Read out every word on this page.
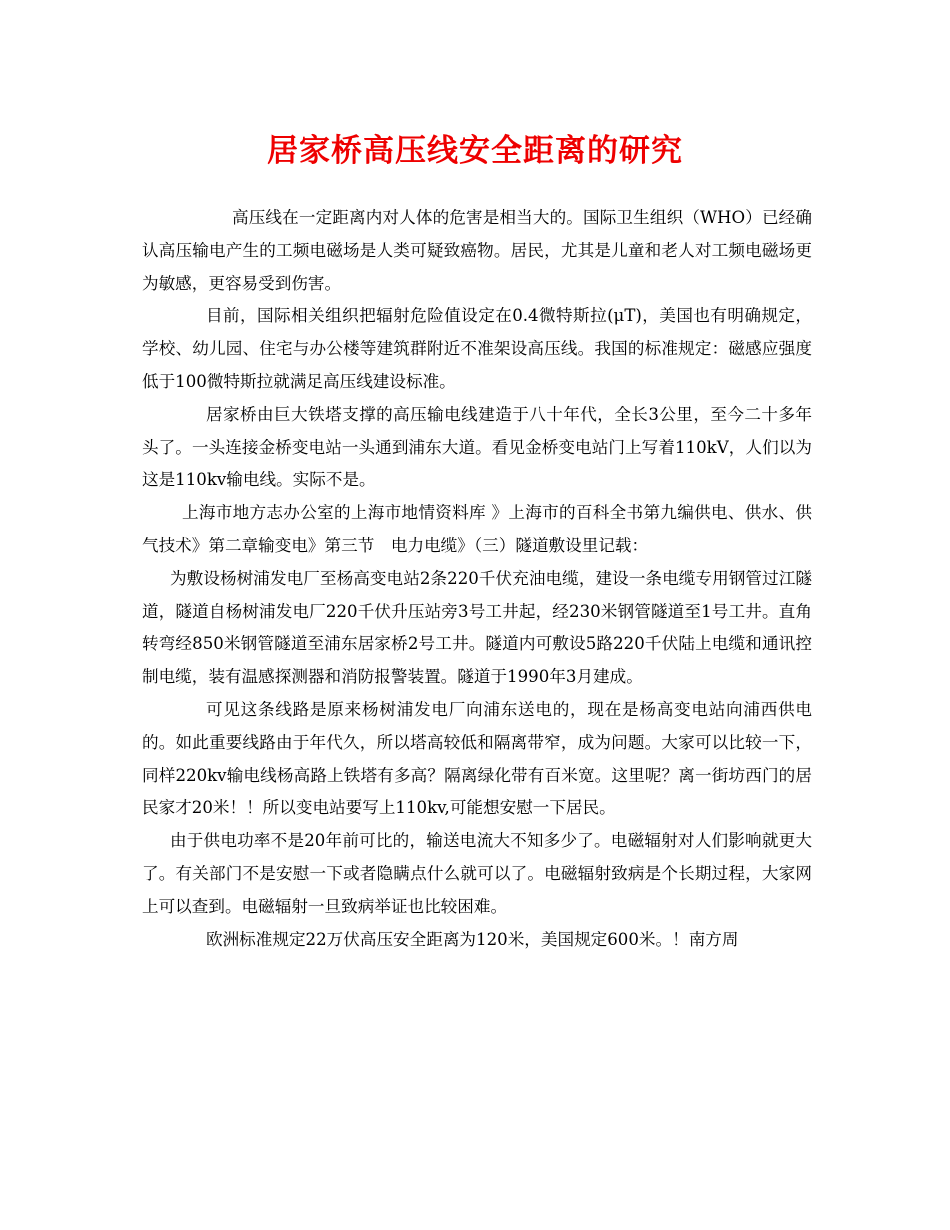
居家桥高压线安全距离的研究

高压线在一定距离内对人体的危害是相当大的。国际卫生组织（WHO）已经确认高压输电产生的工频电磁场是人类可疑致癌物。居民，尤其是儿童和老人对工频电磁场更为敏感，更容易受到伤害。

目前，国际相关组织把辐射危险值设定在0.4微特斯拉(μT)，美国也有明确规定，学校、幼儿园、住宅与办公楼等建筑群附近不准架设高压线。我国的标准规定：磁感应强度低于100微特斯拉就满足高压线建设标准。

居家桥由巨大铁塔支撑的高压输电线建造于八十年代，全长3公里，至今二十多年头了。一头连接金桥变电站一头通到浦东大道。看见金桥变电站门上写着110kV，人们以为这是110kv输电线。实际不是。

上海市地方志办公室的上海市地情资料库 》上海市的百科全书第九编供电、供水、供气技术》第二章输变电》第三节　电力电缆》（三）隧道敷设里记载：

为敷设杨树浦发电厂至杨高变电站2条220千伏充油电缆，建设一条电缆专用钢管过江隧道，隧道自杨树浦发电厂220千伏升压站旁3号工井起，经230米钢管隧道至1号工井。直角转弯经850米钢管隧道至浦东居家桥2号工井。隧道内可敷设5路220千伏陆上电缆和通讯控制电缆，装有温感探测器和消防报警装置。隧道于1990年3月建成。

可见这条线路是原来杨树浦发电厂向浦东送电的，现在是杨高变电站向浦西供电的。如此重要线路由于年代久，所以塔高较低和隔离带窄，成为问题。大家可以比较一下，同样220kv输电线杨高路上铁塔有多高？隔离绿化带有百米宽。这里呢？离一街坊西门的居民家才20米！！所以变电站要写上110kv,可能想安慰一下居民。

由于供电功率不是20年前可比的，输送电流大不知多少了。电磁辐射对人们影响就更大了。有关部门不是安慰一下或者隐瞒点什么就可以了。电磁辐射致病是个长期过程，大家网上可以查到。电磁辐射一旦致病举证也比较困难。

欧洲标准规定22万伏高压安全距离为120米，美国规定600米。！南方周
